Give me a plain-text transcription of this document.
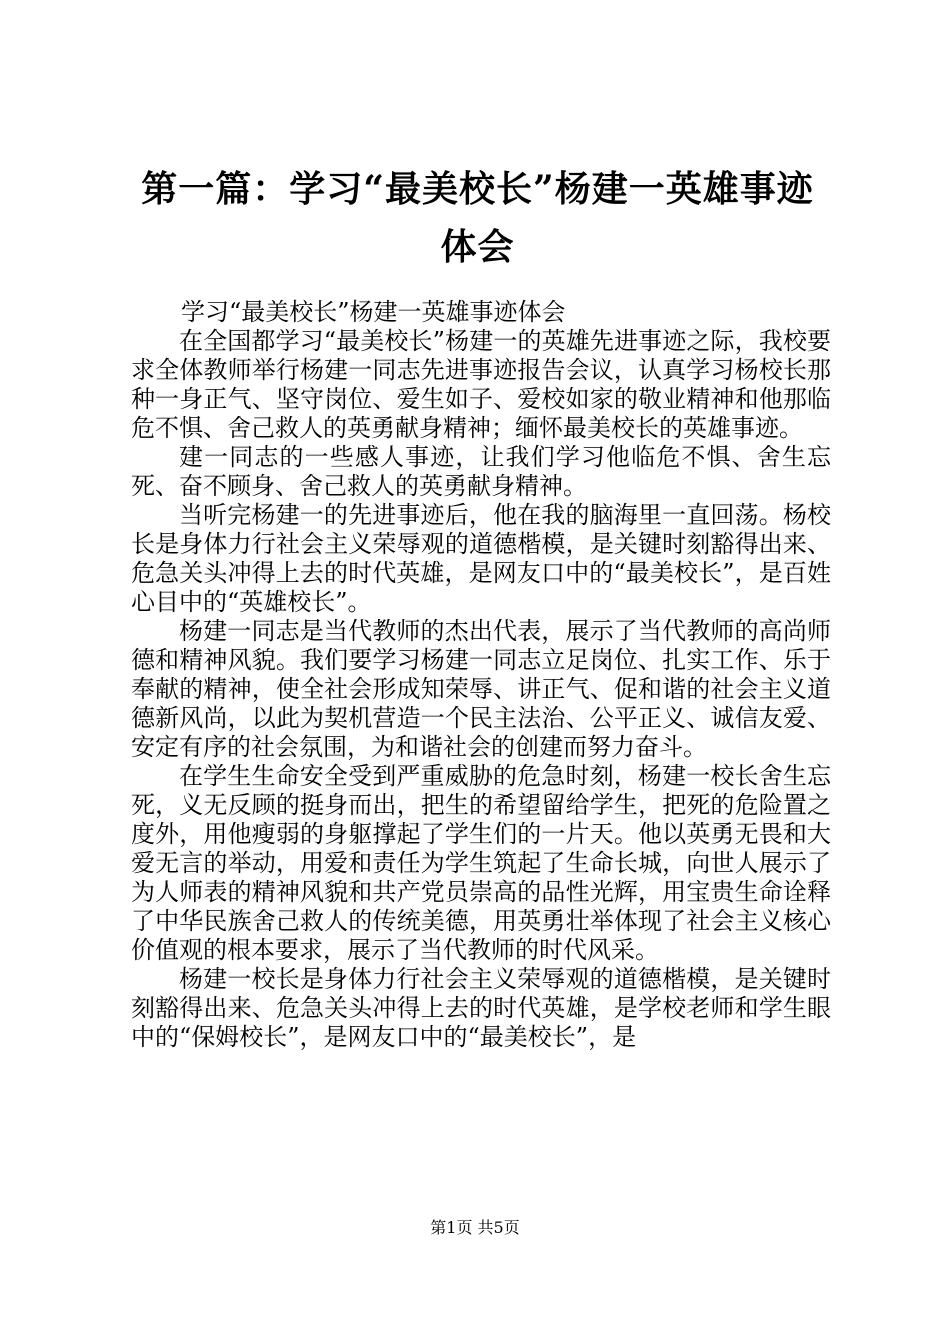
第一篇：学习“最美校长”杨建一英雄事迹体会

学习“最美校长”杨建一英雄事迹体会

在全国都学习“最美校长”杨建一的英雄先进事迹之际，我校要求全体教师举行杨建一同志先进事迹报告会议，认真学习杨校长那种一身正气、坚守岗位、爱生如子、爱校如家的敬业精神和他那临危不惧、舍己救人的英勇献身精神；缅怀最美校长的英雄事迹。

建一同志的一些感人事迹，让我们学习他临危不惧、舍生忘死、奋不顾身、舍己救人的英勇献身精神。

当听完杨建一的先进事迹后，他在我的脑海里一直回荡。杨校长是身体力行社会主义荣辱观的道德楷模，是关键时刻豁得出来、危急关头冲得上去的时代英雄，是网友口中的“最美校长”，是百姓心目中的“英雄校长”。

杨建一同志是当代教师的杰出代表，展示了当代教师的高尚师德和精神风貌。我们要学习杨建一同志立足岗位、扎实工作、乐于奉献的精神，使全社会形成知荣辱、讲正气、促和谐的社会主义道德新风尚，以此为契机营造一个民主法治、公平正义、诚信友爱、安定有序的社会氛围，为和谐社会的创建而努力奋斗。

在学生生命安全受到严重威胁的危急时刻，杨建一校长舍生忘死，义无反顾的挺身而出，把生的希望留给学生，把死的危险置之度外，用他瘦弱的身躯撑起了学生们的一片天。他以英勇无畏和大爱无言的举动，用爱和责任为学生筑起了生命长城，向世人展示了为人师表的精神风貌和共产党员崇高的品性光辉，用宝贵生命诠释了中华民族舍己救人的传统美德，用英勇壮举体现了社会主义核心价值观的根本要求，展示了当代教师的时代风采。

杨建一校长是身体力行社会主义荣辱观的道德楷模，是关键时刻豁得出来、危急关头冲得上去的时代英雄，是学校老师和学生眼中的“保姆校长”，是网友口中的“最美校长”，是

第1页 共5页
